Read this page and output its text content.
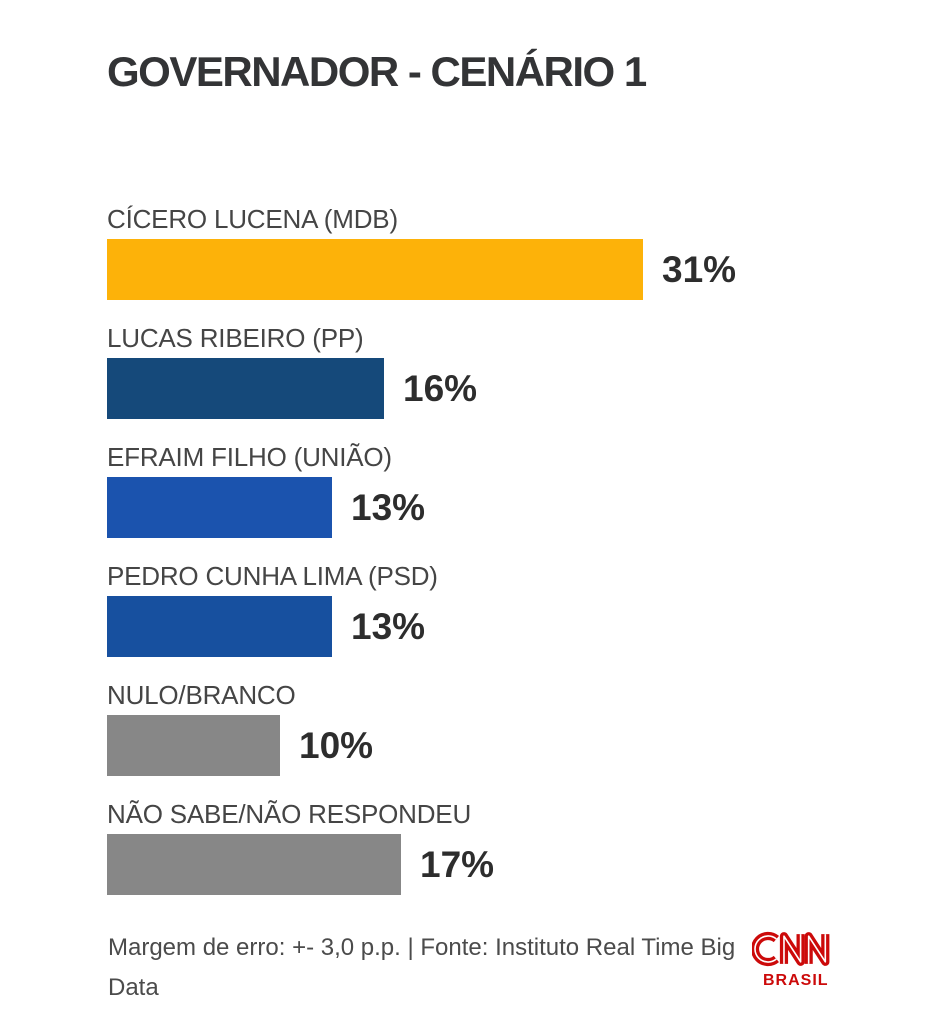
GOVERNADOR - CENÁRIO 1
CÍCERO LUCENA (MDB)
31%
LUCAS RIBEIRO (PP)
16%
EFRAIM FILHO (UNIÃO)
13%
PEDRO CUNHA LIMA (PSD)
13%
NULO/BRANCO
10%
NÃO SABE/NÃO RESPONDEU
17%
Margem de erro: +- 3,0 p.p. | Fonte: Instituto Real Time Big Data	BRASIL
